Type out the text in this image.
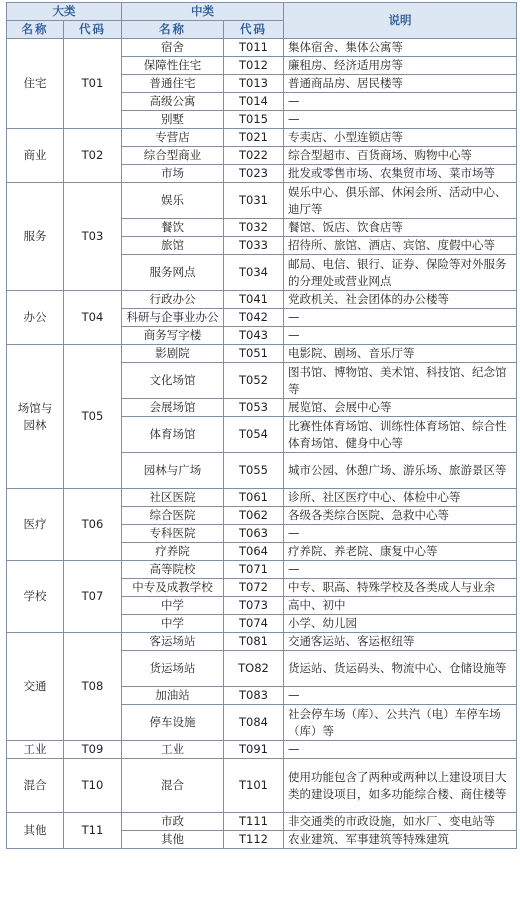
大类		中类		说明
名称	代码	名称	代码	
住宅	T01	宿舍	T011	集体宿舍、集体公寓等
		保障性住宅	T012	廉租房、经济适用房等
		普通住宅	T013	普通商品房、居民楼等
		高级公寓	T014	—
		别墅	T015	—
商业	T02	专营店	T021	专卖店、小型连锁店等
		综合型商业	T022	综合型超市、百货商场、购物中心等
		市场	T023	批发或零售市场、农集贸市场、菜市场等
服务	T03	娱乐	T031	娱乐中心、俱乐部、休闲会所、活动中心、迪厅等
		餐饮	T032	餐馆、饭店、饮食店等
		旅馆	T033	招待所、旅馆、酒店、宾馆、度假中心等
		服务网点	T034	邮局、电信、银行、证券、保险等对外服务的分理处或营业网点
办公	T04	行政办公	T041	党政机关、社会团体的办公楼等
		科研与企事业办公	T042	—
		商务写字楼	T043	—
场馆与园林	T05	影剧院	T051	电影院、剧场、音乐厅等
		文化场馆	T052	图书馆、博物馆、美术馆、科技馆、纪念馆等
		会展场馆	T053	展览馆、会展中心等
		体育场馆	T054	比赛性体育场馆、训练性体育场馆、综合性体育场馆、健身中心等
		园林与广场	T055	城市公园、休憩广场、游乐场、旅游景区等
医疗	T06	社区医院	T061	诊所、社区医疗中心、体检中心等
		综合医院	T062	各级各类综合医院、急救中心等
		专科医院	T063	—
		疗养院	T064	疗养院、养老院、康复中心等
学校	T07	高等院校	T071	—
		中专及成教学校	T072	中专、职高、特殊学校及各类成人与业余
		中学	T073	高中、初中
		中学	T074	小学、幼儿园
交通	T08	客运场站	T081	交通客运站、客运枢纽等
		货运场站	TO82	货运站、货运码头、物流中心、仓储设施等
		加油站	T083	—
		停车设施	T084	社会停车场（库）、公共汽（电）车停车场（库）等
工业	T09	工业	T091	—
混合	T10	混合	T101	使用功能包含了两种或两种以上建设项目大类的建设项目，如多功能综合楼、商住楼等
其他	T11	市政	T111	非交通类的市政设施，如水厂、变电站等
		其他	T112	农业建筑、军事建筑等特殊建筑
